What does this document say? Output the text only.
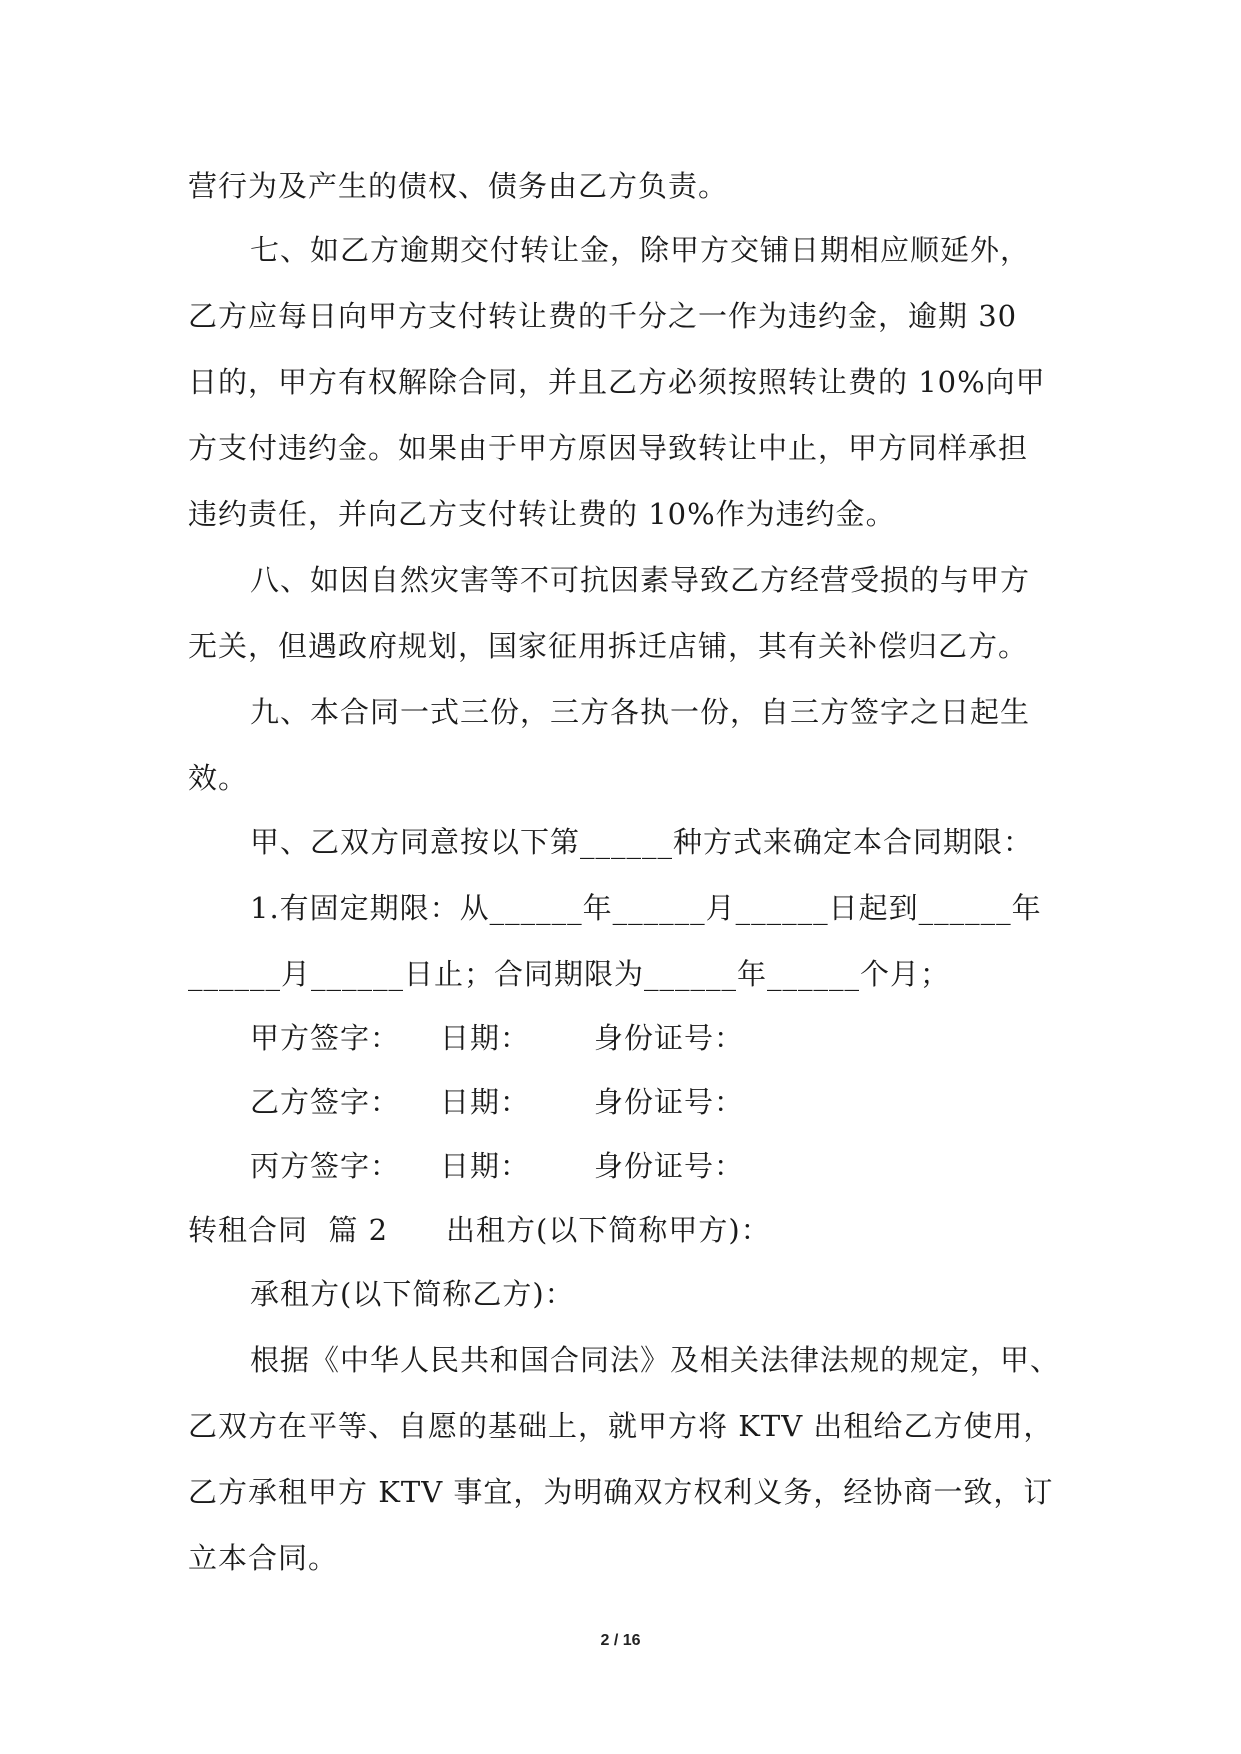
营行为及产生的债权、债务由乙方负责。
七、如乙方逾期交付转让金，除甲方交铺日期相应顺延外，
乙方应每日向甲方支付转让费的千分之一作为违约金，逾期 30
日的，甲方有权解除合同，并且乙方必须按照转让费的 10%向甲
方支付违约金。如果由于甲方原因导致转让中止，甲方同样承担
违约责任，并向乙方支付转让费的 10%作为违约金。
八、如因自然灾害等不可抗因素导致乙方经营受损的与甲方
无关，但遇政府规划，国家征用拆迁店铺，其有关补偿归乙方。
九、本合同一式三份，三方各执一份，自三方签字之日起生
效。
甲、乙双方同意按以下第______种方式来确定本合同期限：
1.有固定期限：从______年______月______日起到______年
______月______日止；合同期限为______年______个月；
甲方签字： 日期： 身份证号：
乙方签字： 日期： 身份证号：
丙方签字： 日期： 身份证号：
转租合同  篇 2 出租方(以下简称甲方)：
承租方(以下简称乙方)：
根据《中华人民共和国合同法》及相关法律法规的规定，甲、
乙双方在平等、自愿的基础上，就甲方将 KTV 出租给乙方使用，
乙方承租甲方 KTV 事宜，为明确双方权利义务，经协商一致，订
立本合同。
2 / 16
